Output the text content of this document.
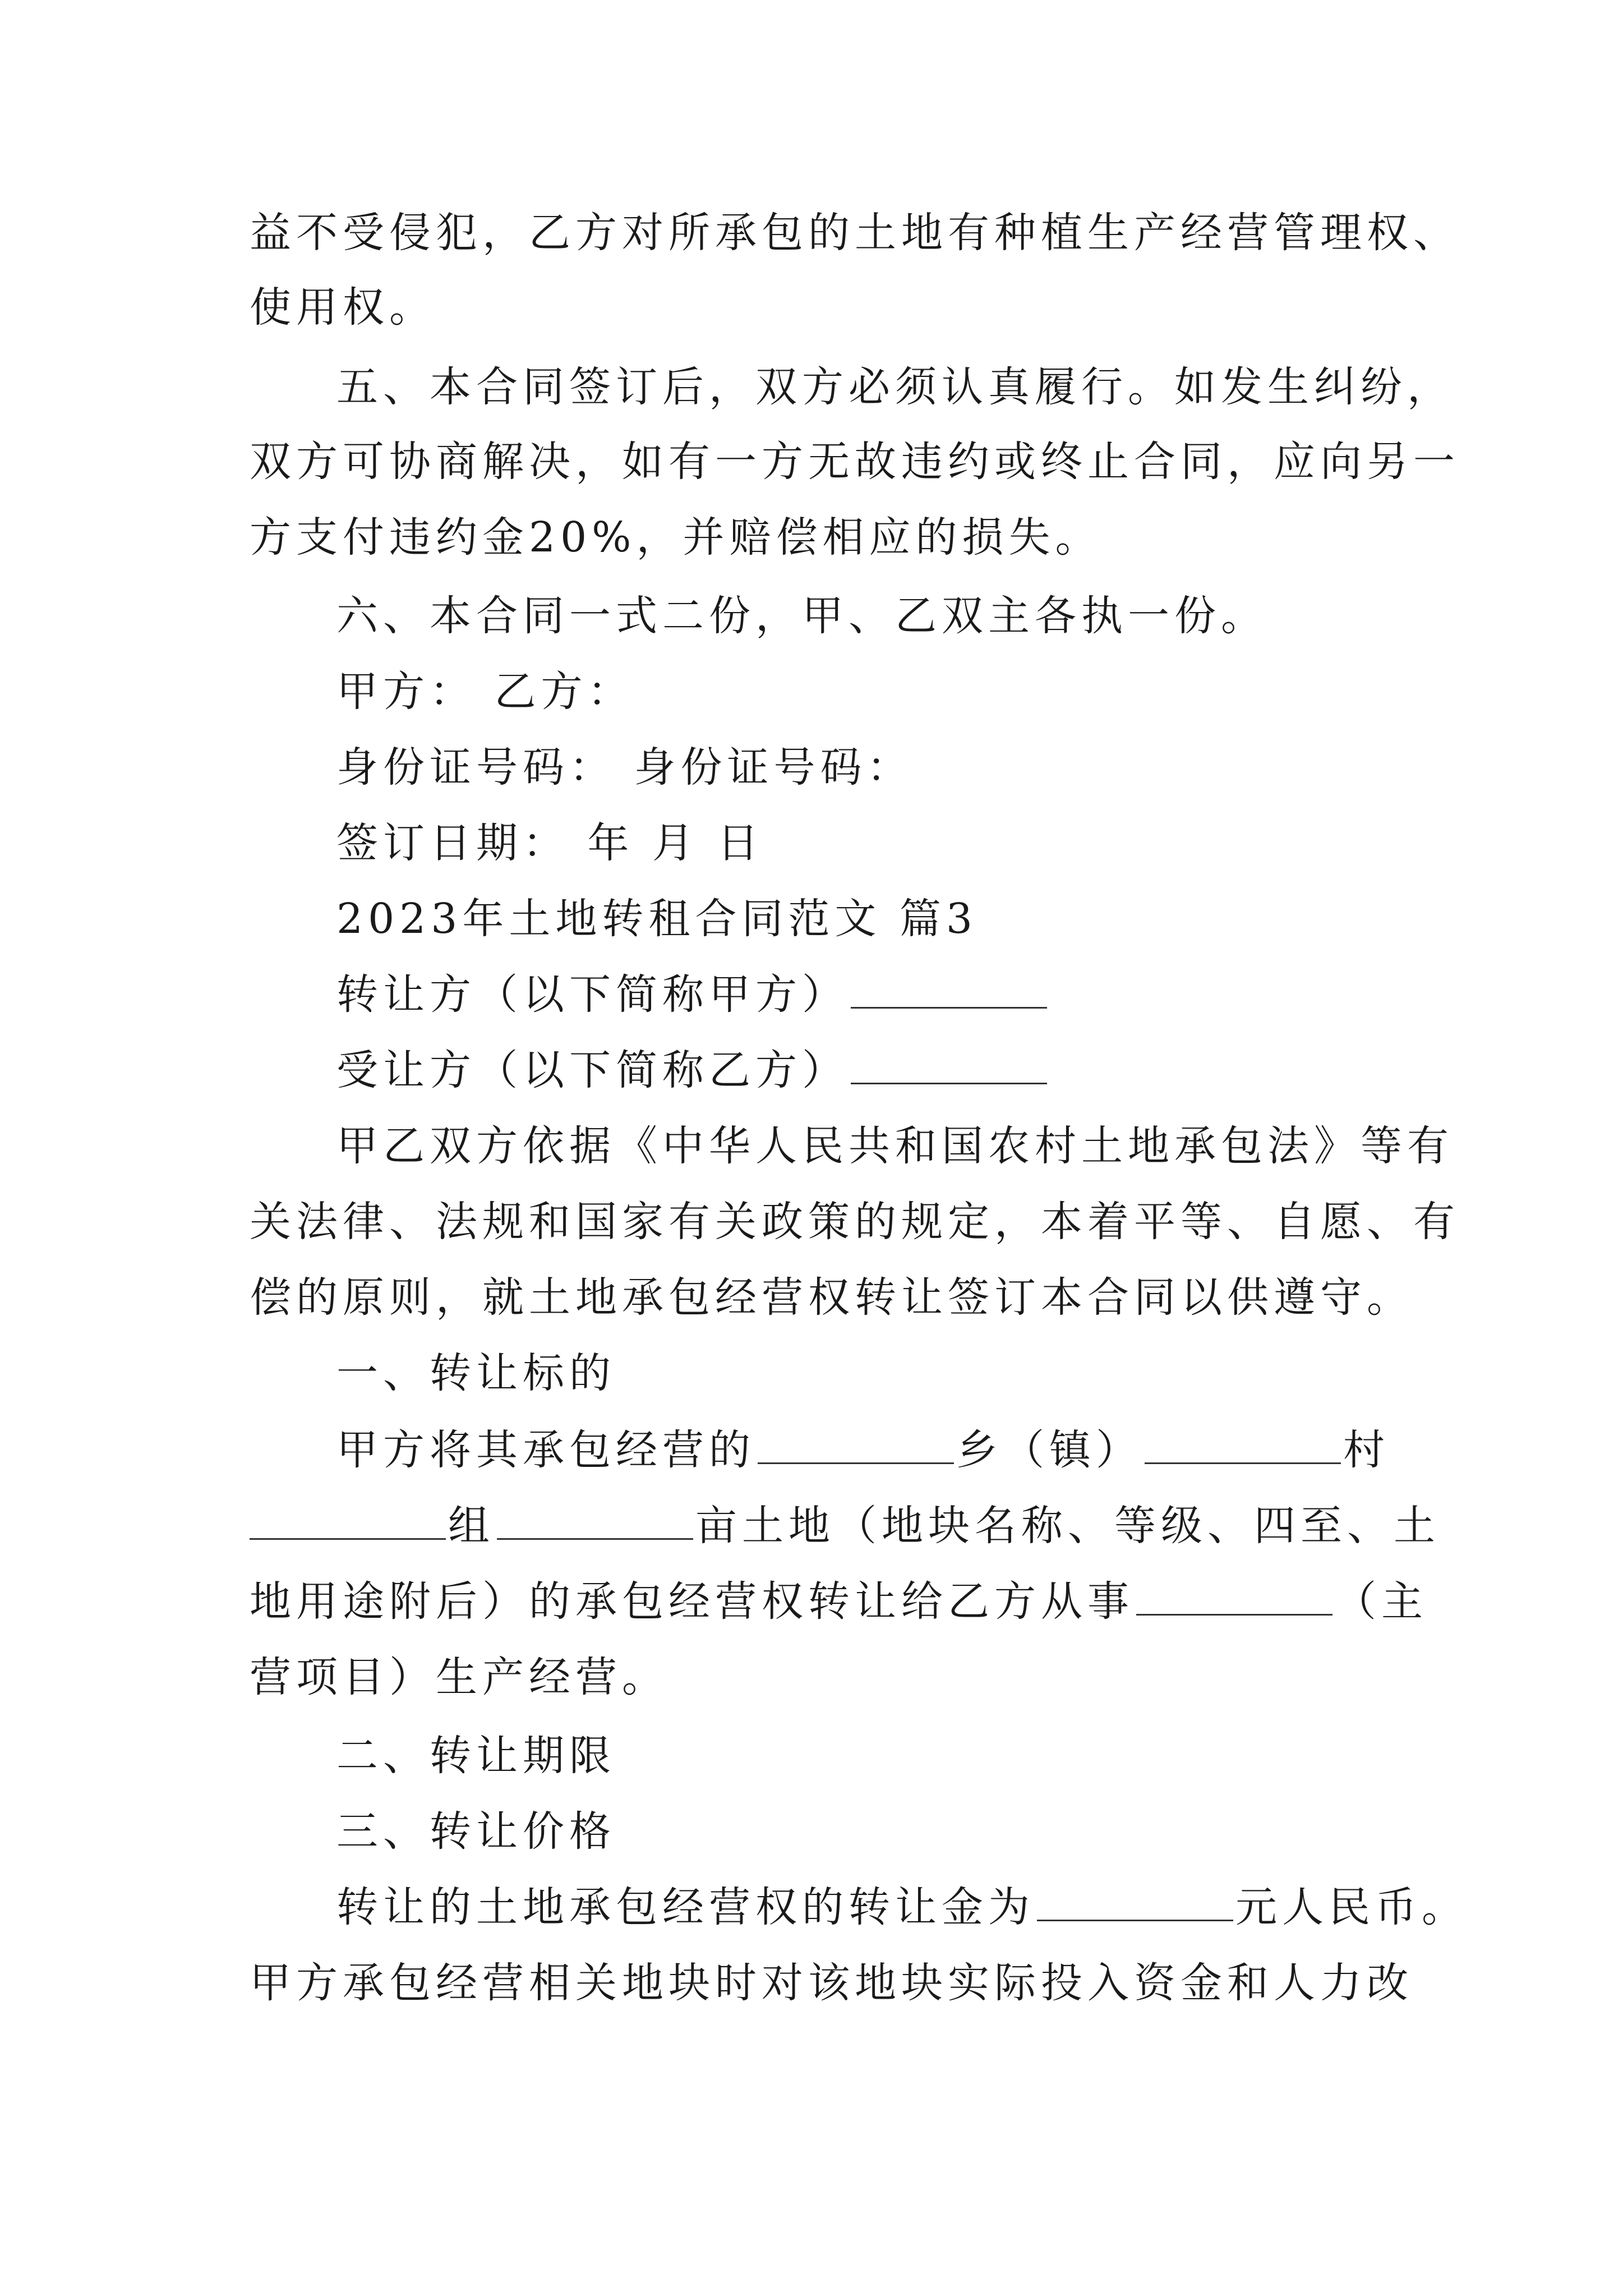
益不受侵犯，乙方对所承包的土地有种植生产经营管理权、
使用权。
五、本合同签订后，双方必须认真履行。如发生纠纷，
双方可协商解决，如有一方无故违约或终止合同，应向另一
方支付违约金20%，并赔偿相应的损失。
六、本合同一式二份，甲、乙双主各执一份。
甲方： 乙方：
身份证号码： 身份证号码：
签订日期： 年 月 日
2023年土地转租合同范文 篇3
转让方（以下简称甲方）
受让方（以下简称乙方）
甲乙双方依据《中华人民共和国农村土地承包法》等有
关法律、法规和国家有关政策的规定，本着平等、自愿、有
偿的原则，就土地承包经营权转让签订本合同以供遵守。
一、转让标的
甲方将其承包经营的	乡（镇）	村
组	亩土地（地块名称、等级、四至、土
地用途附后）的承包经营权转让给乙方从事	（主
营项目）生产经营。
二、转让期限
三、转让价格
转让的土地承包经营权的转让金为	元人民币。
甲方承包经营相关地块时对该地块实际投入资金和人力改
